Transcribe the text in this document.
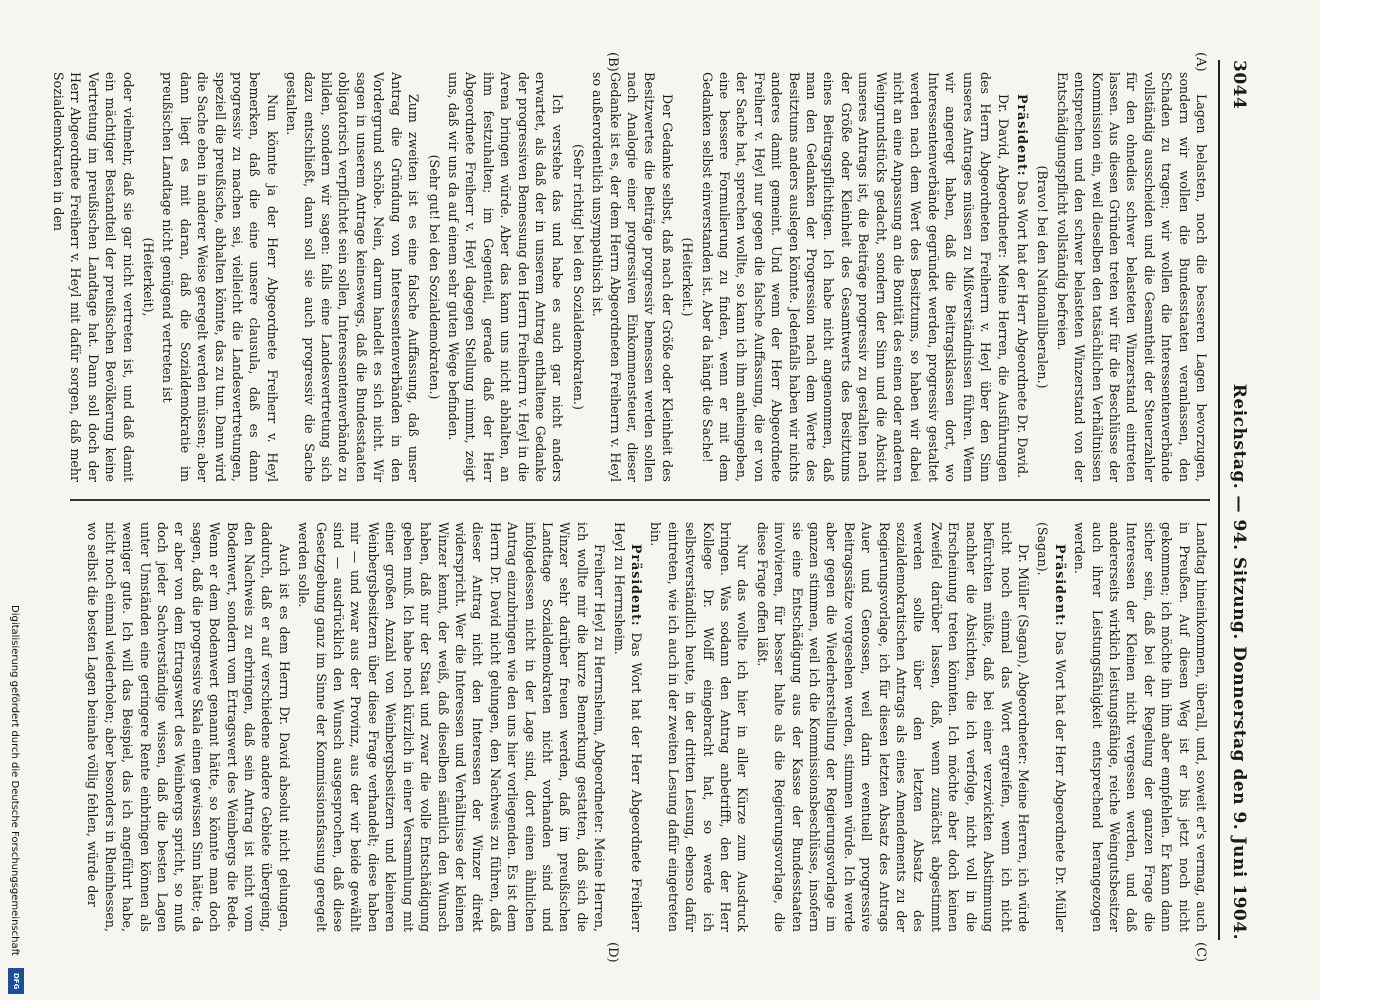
3044
Reichstag. — 94. Sitzung. Donnerstag den 9. Juni 1904.
(A)
(B)
(C)
(D)

Lagen belasten, noch die besseren Lagen bevorzugen, sondern wir wollen die Bundesstaaten veranlassen, den Schaden zu tragen; wir wollen die Interessentenverbände vollständig ausscheiden und die Gesamtheit der Steuerzahler für den ohnedies schwer belasteten Winzerstand eintreten lassen. Aus diesen Gründen treten wir für die Beschlüsse der Kommission ein, weil dieselben den tatsächlichen Verhältnissen entsprechen und den schwer belasteten Winzerstand von der Entschädigungspflicht vollständig befreien.

(Bravo! bei den Nationalliberalen.)

Präsident: Das Wort hat der Herr Abgeordnete Dr. David.

Dr. David, Abgeordneter: Meine Herren, die Ausführungen des Herrn Abgeordneten Freiherrn v. Heyl über den Sinn unseres Antrages müssen zu Mißverständnissen führen. Wenn wir angeregt haben, daß die Beitragsklassen dort, wo Interessentenverbände gegründet werden, progressiv gestaltet werden nach dem Wert des Besitztums, so haben wir dabei nicht an eine Anpassung an die Bonität des einen oder anderen Weingrundstücks gedacht, sondern der Sinn und die Absicht unseres Antrags ist, die Beiträge progressiv zu gestalten nach der Größe oder Kleinheit des Gesamtwerts des Besitztums eines Beitragspflichtigen. Ich habe nicht angenommen, daß man den Gedanken der Progression nach dem Werte des Besitztums anders auslegen könnte. Jedenfalls haben wir nichts anderes damit gemeint. Und wenn der Herr Abgeordnete Freiherr v. Heyl nur gegen die falsche Auffassung, die er von der Sache hat, sprechen wollte, so kann ich ihm anheimgeben, eine bessere Formulierung zu finden, wenn er mit dem Gedanken selbst einverstanden ist. Aber da hängt die Sache!

(Heiterkeit.)

Der Gedanke selbst, daß nach der Größe oder Kleinheit des Besitzwertes die Beiträge progressiv bemessen werden sollen nach Analogie einer progressiven Einkommensteuer, dieser Gedanke ist es, der dem Herrn Abgeordneten Freiherrn v. Heyl so außerordentlich unsympathisch ist.

(Sehr richtig! bei den Sozialdemokraten.)

Ich verstehe das und habe es auch gar nicht anders erwartet, als daß der in unserem Antrag enthaltene Gedanke der progressiven Bemessung den Herrn Freiherrn v. Heyl in die Arena bringen würde. Aber das kann uns nicht abhalten, an ihm festzuhalten; im Gegenteil, gerade daß der Herr Abgeordnete Freiherr v. Heyl dagegen Stellung nimmt, zeigt uns, daß wir uns da auf einem sehr guten Wege befinden.

(Sehr gut! bei den Sozialdemokraten.)

Zum zweiten ist es eine falsche Auffassung, daß unser Antrag die Gründung von Interessentenverbänden in den Vordergrund schöbe. Nein, darum handelt es sich nicht. Wir sagen in unserem Antrage keineswegs, daß die Bundesstaaten obligatorisch verpflichtet sein sollen, Interessentenverbände zu bilden, sondern wir sagen: falls eine Landesvertretung sich dazu entschließt, dann soll sie auch progressiv die Sache gestalten.

Nun könnte ja der Herr Abgeordnete Freiherr v. Heyl bemerken, daß die eine unsere clausula, daß es dann progressiv zu machen sei, vielleicht die Landesvertretungen, speziell die preußische, abhalten könnte, das zu tun. Dann wird die Sache eben in anderer Weise geregelt werden müssen; aber dann liegt es mit daran, daß die Sozialdemokratie im preußischen Landtage nicht genügend vertreten ist

(Heiterkeit),

oder vielmehr, daß sie gar nicht vertreten ist, und daß damit ein mächtiger Bestandteil der preußischen Bevölkerung keine Vertretung im preußischen Landtage hat. Dann soll doch der Herr Abgeordnete Freiherr v. Heyl mit dafür sorgen, daß mehr Sozialdemokraten in den

Landtag hineinkommen, überall, und, soweit er's vermag, auch in Preußen. Auf diesen Weg ist er bis jetzt noch nicht gekommen; ich möchte ihn ihm aber empfehlen. Er kann dann sicher sein, daß bei der Regelung der ganzen Frage die Interessen der Kleinen nicht vergessen werden, und daß andererseits wirklich leistungsfähige, reiche Weingutsbesitzer auch ihrer Leistungsfähigkeit entsprechend herangezogen werden.

Präsident: Das Wort hat der Herr Abgeordnete Dr. Müller (Sagan).

Dr. Müller (Sagan), Abgeordneter: Meine Herren, ich würde nicht noch einmal das Wort ergreifen, wenn ich nicht befürchten müßte, daß bei einer verzwickten Abstimmung nachher die Absichten, die ich verfolge, nicht voll in die Erscheinung treten könnten. Ich möchte aber doch keinen Zweifel darüber lassen, daß, wenn zunächst abgestimmt werden sollte über den letzten Absatz des sozialdemokratischen Antrags als eines Amendements zu der Regierungsvorlage, ich für diesen letzten Absatz des Antrags Auer und Genossen, weil darin eventuell progressive Beitragssätze vorgesehen werden, stimmen würde. Ich werde aber gegen die Wiederherstellung der Regierungsvorlage im ganzen stimmen, weil ich die Kommissionsbeschlüsse, insofern sie eine Entschädigung aus der Kasse der Bundesstaaten involvieren, für besser halte als die Regierungsvorlage, die diese Frage offen läßt.

Nur das wollte ich hier in aller Kürze zum Ausdruck bringen. Was sodann den Antrag anbetrifft, den der Herr Kollege Dr. Wolff eingebracht hat, so werde ich selbstverständlich heute, in der dritten Lesung, ebenso dafür eintreten, wie ich auch in der zweiten Lesung dafür eingetreten bin.

Präsident: Das Wort hat der Herr Abgeordnete Freiherr Heyl zu Herrnsheim.

Freiherr Heyl zu Herrnsheim, Abgeordneter: Meine Herren, ich wollte mir die kurze Bemerkung gestatten, daß sich die Winzer sehr darüber freuen werden, daß im preußischen Landtage Sozialdemokraten nicht vorhanden sind und infolgedessen nicht in der Lage sind, dort einen ähnlichen Antrag einzubringen wie den uns hier vorliegenden. Es ist dem Herrn Dr. David nicht gelungen, den Nachweis zu führen, daß dieser Antrag nicht den Interessen der Winzer direkt widerspricht. Wer die Interessen und Verhältnisse der kleinen Winzer kennt, der weiß, daß dieselben sämtlich den Wunsch haben, daß nur der Staat und zwar die volle Entschädigung geben muß. Ich habe noch kürzlich in einer Versammlung mit einer großen Anzahl von Weinbergsbesitzern und kleineren Weinbergsbesitzern über diese Frage verhandelt; diese haben mir — und zwar aus der Provinz, aus der wir beide gewählt sind — ausdrücklich den Wunsch ausgesprochen, daß diese Gesetzgebung ganz im Sinne der Kommissionsfassung geregelt werden solle.

Auch ist es dem Herrn Dr. David absolut nicht gelungen, dadurch, daß er auf verschiedene andere Gebiete übergeing, den Nachweis zu erbringen, daß sein Antrag ist nicht vom Bodenwert, sondern vom Ertragswert des Weinbergs die Rede. Wenn er dem Bodenwert genannt hätte, so könnte man doch sagen, daß die progressive Skala einen gewissen Sinn hätte; da er aber von dem Ertragswert des Weinbergs spricht, so muß doch jeder Sachverständige wissen, daß die besten Lagen unter Umständen eine geringere Rente einbringen können als weniger gute. Ich will das Beispiel, das ich angeführt habe, nicht noch einmal wiederholen; aber besonders in Rheinhessen, wo selbst die besten Lagen beinahe völlig fehlen, würde der

Digitalisierung gefördert durch die Deutsche Forschungsgemeinschaft
DFG
